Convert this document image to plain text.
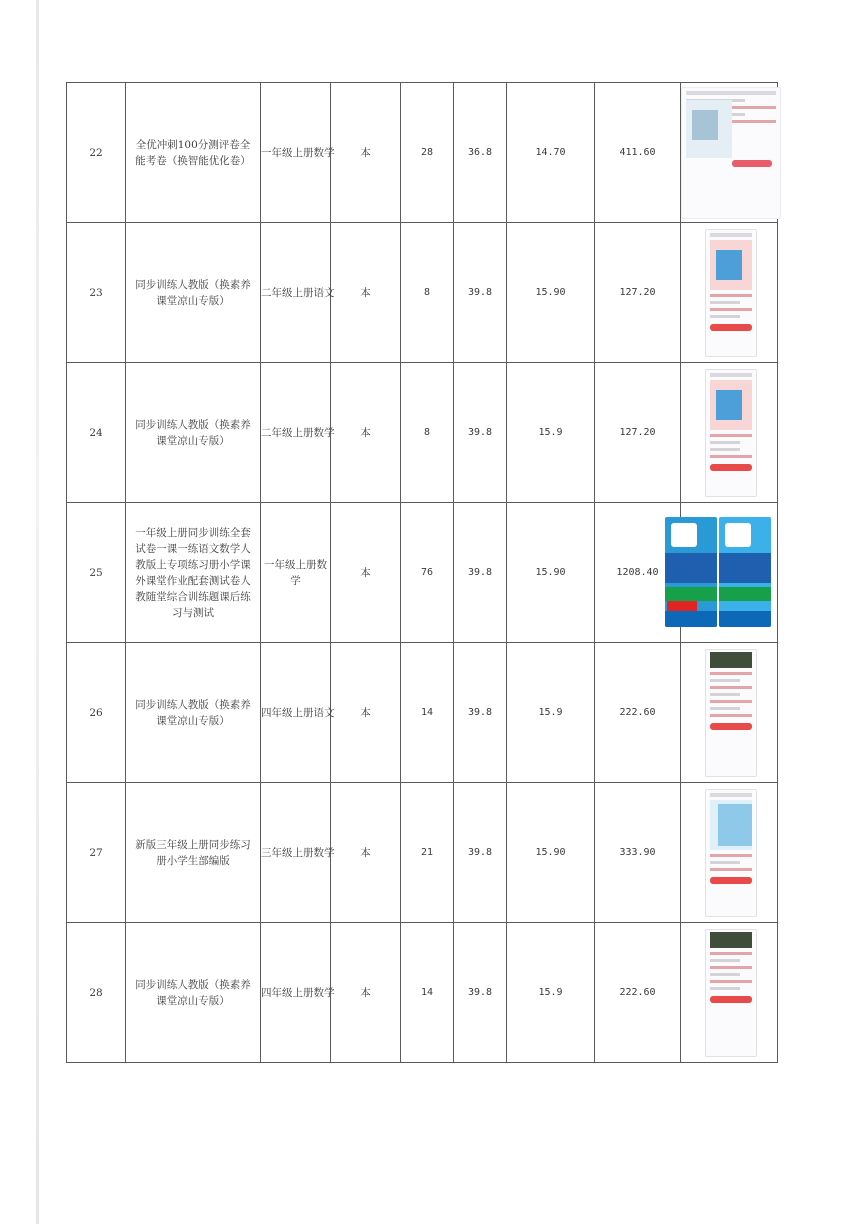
22	全优冲刺100分测评卷全能考卷（换智能优化卷）	一年级上册数学	本	28	36.8	14.70	411.60	

23	同步训练人教版（换素养课堂凉山专版）	二年级上册语文	本	8	39.8	15.90	127.20	

24	同步训练人教版（换素养课堂凉山专版）	二年级上册数学	本	8	39.8	15.9	127.20	

25	一年级上册同步训练全套试卷一课一练语文数学人教版上专项练习册小学课外课堂作业配套测试卷人教随堂综合训练题课后练习与测试	一年级上册数学	本	76	39.8	15.90	1208.40	

26	同步训练人教版（换素养课堂凉山专版）	四年级上册语文	本	14	39.8	15.9	222.60	

27	新版三年级上册同步练习册小学生部编版	三年级上册数学	本	21	39.8	15.90	333.90	

28	同步训练人教版（换素养课堂凉山专版）	四年级上册数学	本	14	39.8	15.9	222.60	
